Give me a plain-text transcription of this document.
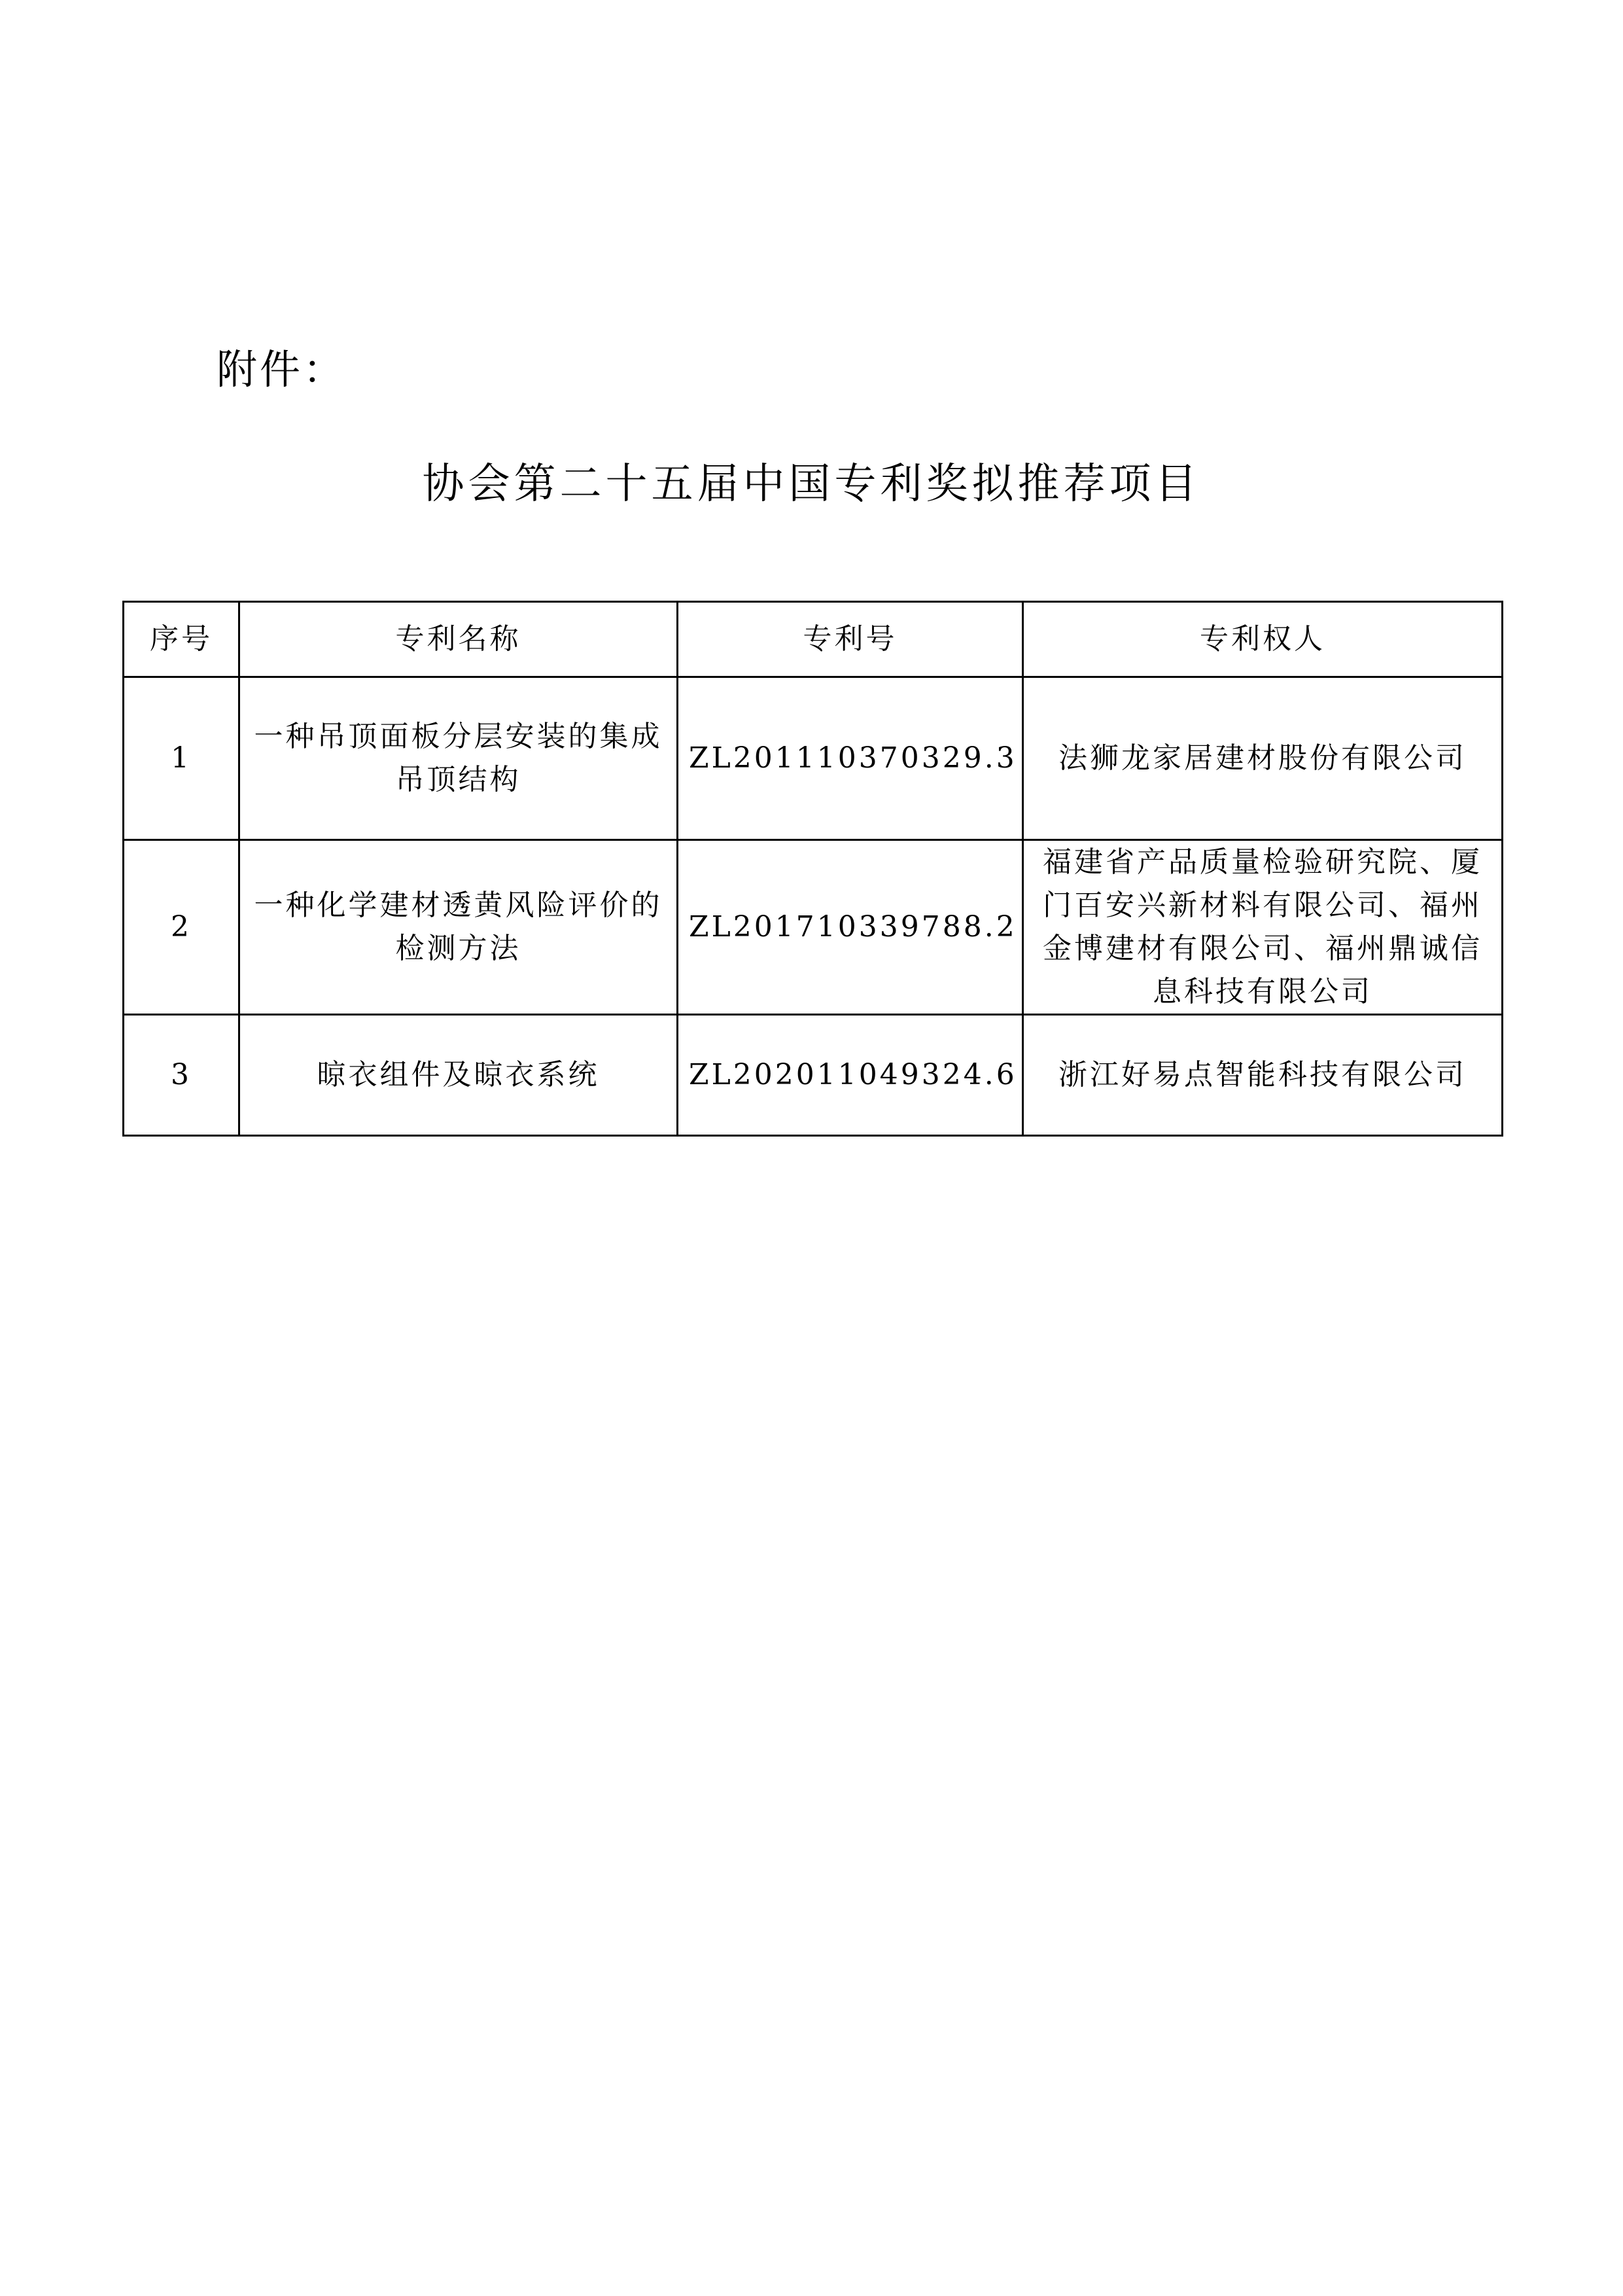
附件：
协会第二十五届中国专利奖拟推荐项目
序号	专利名称	专利号	专利权人
1	一种吊顶面板分层安装的集成吊顶结构	ZL201110370329.3	法狮龙家居建材股份有限公司
2	一种化学建材透黄风险评价的检测方法	ZL201710339788.2	福建省产品质量检验研究院、厦门百安兴新材料有限公司、福州金博建材有限公司、福州鼎诚信息科技有限公司
3	晾衣组件及晾衣系统	ZL202011049324.6	浙江好易点智能科技有限公司
